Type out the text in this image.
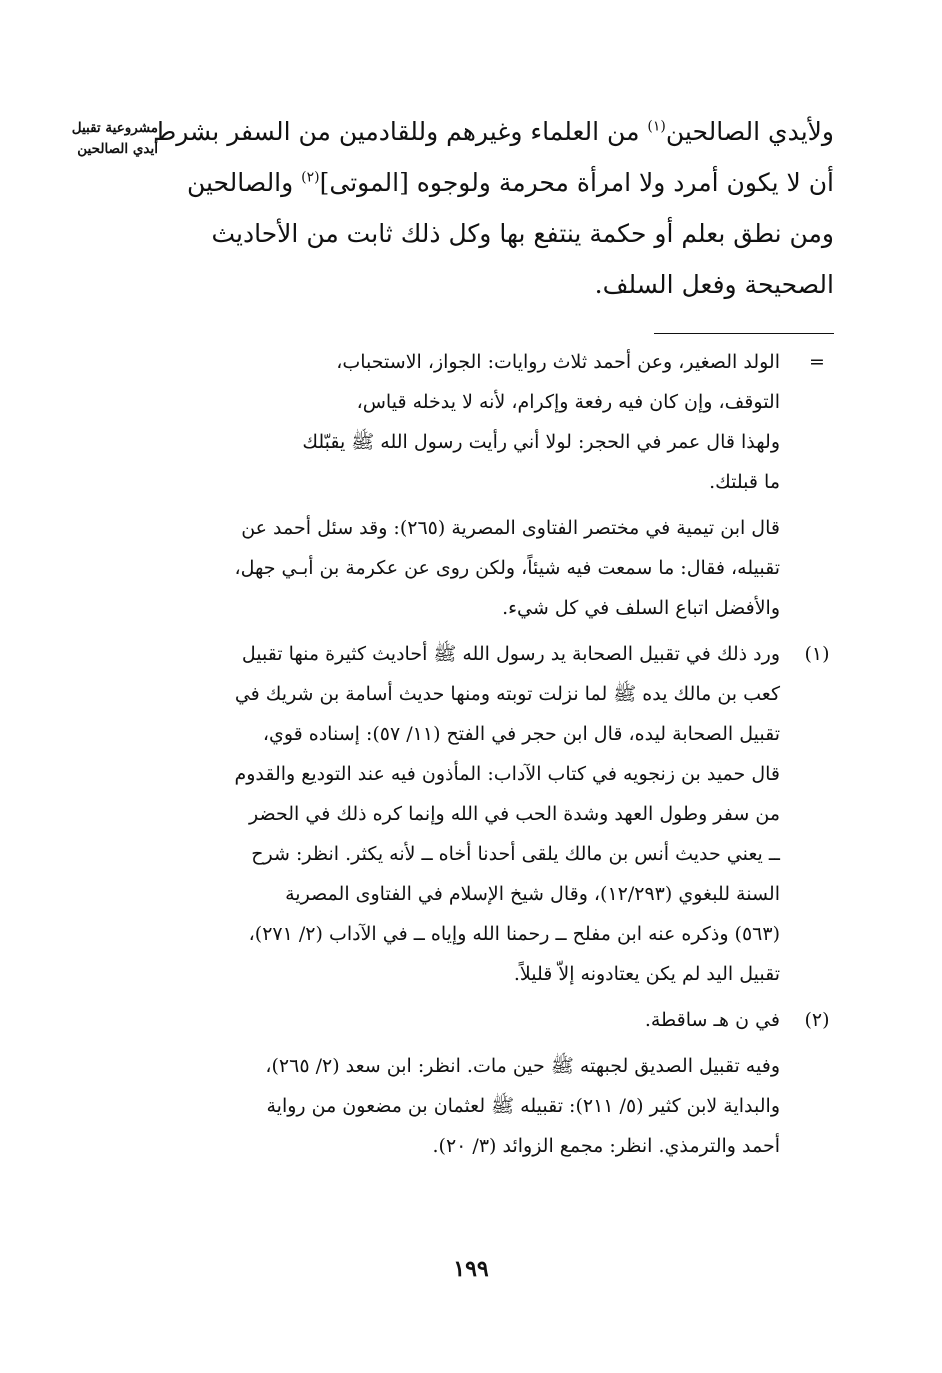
مشروعية تقبيل
أيدي الصالحين
ولأيدي الصالحين$^{(١)}$ من العلماء وغيرهم وللقادمين من السفر بشرط
أن لا يكون أمرد ولا امرأة محرمة ولوجوه [الموتى]$^{(٢)}$ والصالحين
ومن نطق بعلم أو حكمة ينتفع بها وكل ذلك ثابت من الأحاديث
الصحيحة وفعل السلف.
=
الولد الصغير، وعن أحمد ثلاث روايات: الجواز، الاستحباب،
التوقف، وإن كان فيه رفعة وإكرام، لأنه لا يدخله قياس،
ولهذا قال عمر في الحجر: لولا أني رأيت رسول الله ﷺ يقبّلك
ما قبلتك.
قال ابن تيمية في مختصر الفتاوى المصرية (٢٦٥): وقد سئل أحمد عن
تقبيله، فقال: ما سمعت فيه شيئاً، ولكن روى عن عكرمة بن أبـي جهل،
والأفضل اتباع السلف في كل شيء.
(١)
ورد ذلك في تقبيل الصحابة يد رسول الله ﷺ أحاديث كثيرة منها تقبيل
كعب بن مالك يده ﷺ لما نزلت توبته ومنها حديث أسامة بن شريك في
تقبيل الصحابة ليده، قال ابن حجر في الفتح (١١/ ٥٧): إسناده قوي،
قال حميد بن زنجويه في كتاب الآداب: المأذون فيه عند التوديع والقدوم
من سفر وطول العهد وشدة الحب في الله وإنما كره ذلك في الحضر
ــ يعني حديث أنس بن مالك يلقى أحدنا أخاه ــ لأنه يكثر. انظر: شرح
السنة للبغوي (١٢/٢٩٣)، وقال شيخ الإسلام في الفتاوى المصرية
(٥٦٣) وذكره عنه ابن مفلح ــ رحمنا الله وإياه ــ في الآداب (٢/ ٢٧١)،
تقبيل اليد لم يكن يعتادونه إلاّ قليلاً.
(٢)
في ن هـ ساقطة.
وفيه تقبيل الصديق لجبهته ﷺ حين مات. انظر: ابن سعد (٢/ ٢٦٥)،
والبداية لابن كثير (٥/ ٢١١): تقبيله ﷺ لعثمان بن مضعون من رواية
أحمد والترمذي. انظر: مجمع الزوائد (٣/ ٢٠).
١٩٩
